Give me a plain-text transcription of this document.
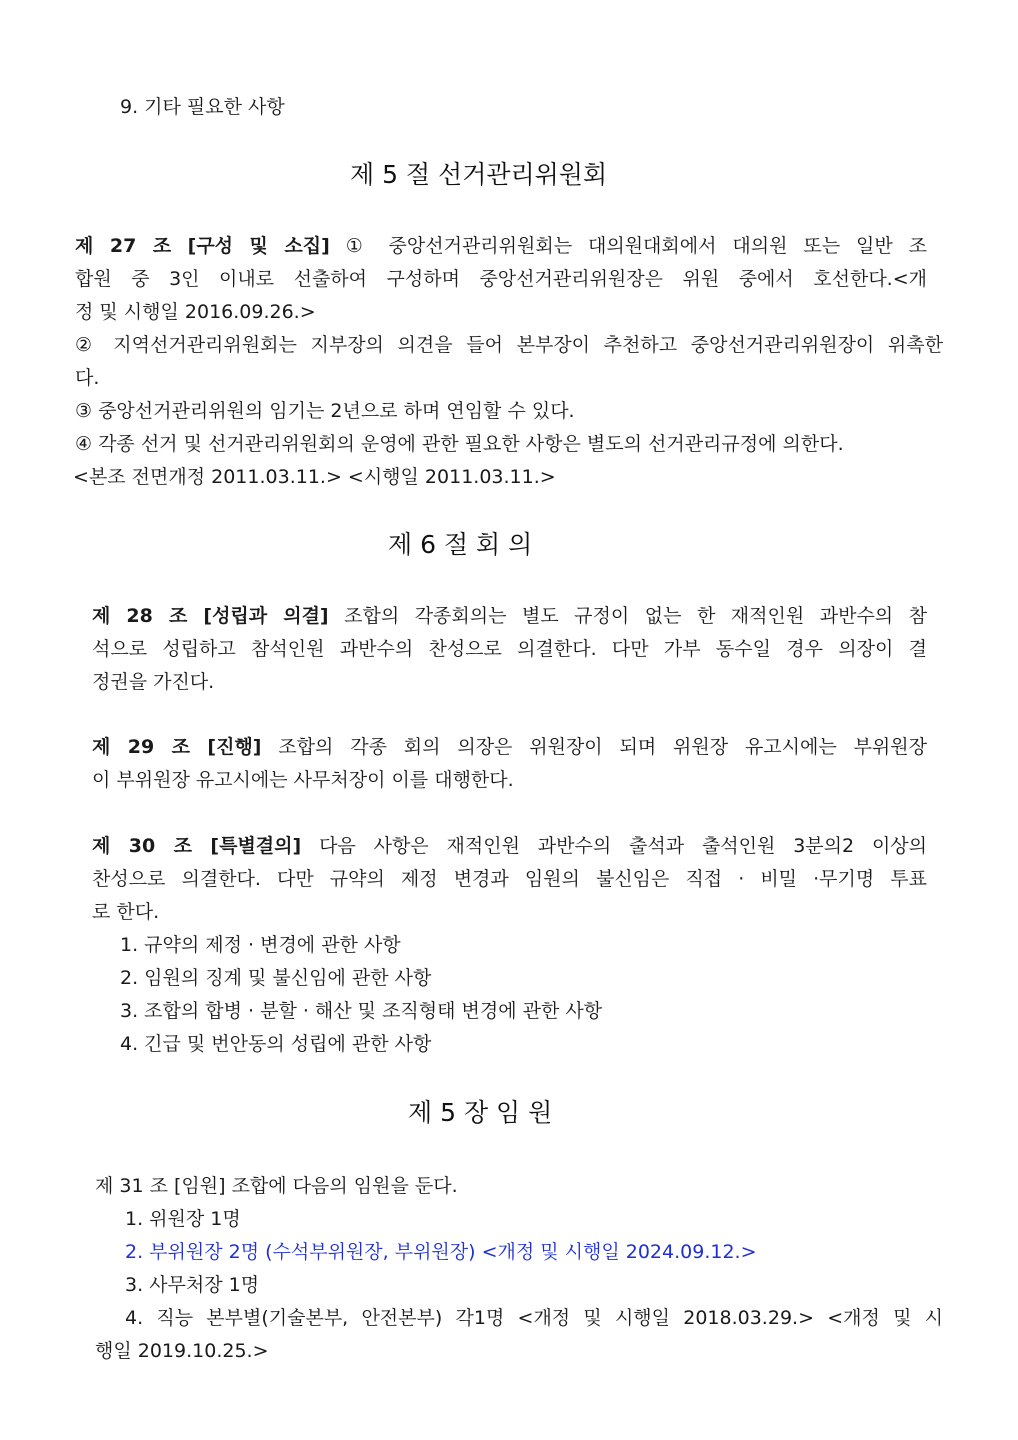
9. 기타 필요한 사항
제 5 절 선거관리위원회
제 27 조 [구성 및 소집] ① 중앙선거관리위원회는 대의원대회에서 대의원 또는 일반 조
합원 중 3인 이내로 선출하여 구성하며 중앙선거관리위원장은 위원 중에서 호선한다.<개
정 및 시행일 2016.09.26.>
② 지역선거관리위원회는 지부장의 의견을 들어 본부장이 추천하고 중앙선거관리위원장이 위촉한
다.
③ 중앙선거관리위원의 임기는 2년으로 하며 연임할 수 있다.
④ 각종 선거 및 선거관리위원회의 운영에 관한 필요한 사항은 별도의 선거관리규정에 의한다.
<본조 전면개정 2011.03.11.> <시행일 2011.03.11.>
제 6 절 회 의
제 28 조 [성립과 의결] 조합의 각종회의는 별도 규정이 없는 한 재적인원 과반수의 참
석으로 성립하고 참석인원 과반수의 찬성으로 의결한다. 다만 가부 동수일 경우 의장이 결
정권을 가진다.
제 29 조 [진행] 조합의 각종 회의 의장은 위원장이 되며 위원장 유고시에는 부위원장
이 부위원장 유고시에는 사무처장이 이를 대행한다.
제 30 조 [특별결의] 다음 사항은 재적인원 과반수의 출석과 출석인원 3분의2 이상의
찬성으로 의결한다. 다만 규약의 제정 변경과 임원의 불신임은 직접 · 비밀 ·무기명 투표
로 한다.
1. 규약의 제정 · 변경에 관한 사항
2. 임원의 징계 및 불신임에 관한 사항
3. 조합의 합병 · 분할 · 해산 및 조직형태 변경에 관한 사항
4. 긴급 및 번안동의 성립에 관한 사항
제 5 장 임 원
제 31 조 [임원] 조합에 다음의 임원을 둔다.
1. 위원장 1명
2. 부위원장 2명 (수석부위원장, 부위원장) <개정 및 시행일 2024.09.12.>
3. 사무처장 1명
4. 직능 본부별(기술본부, 안전본부) 각1명 <개정 및 시행일 2018.03.29.> <개정 및 시
행일 2019.10.25.>
